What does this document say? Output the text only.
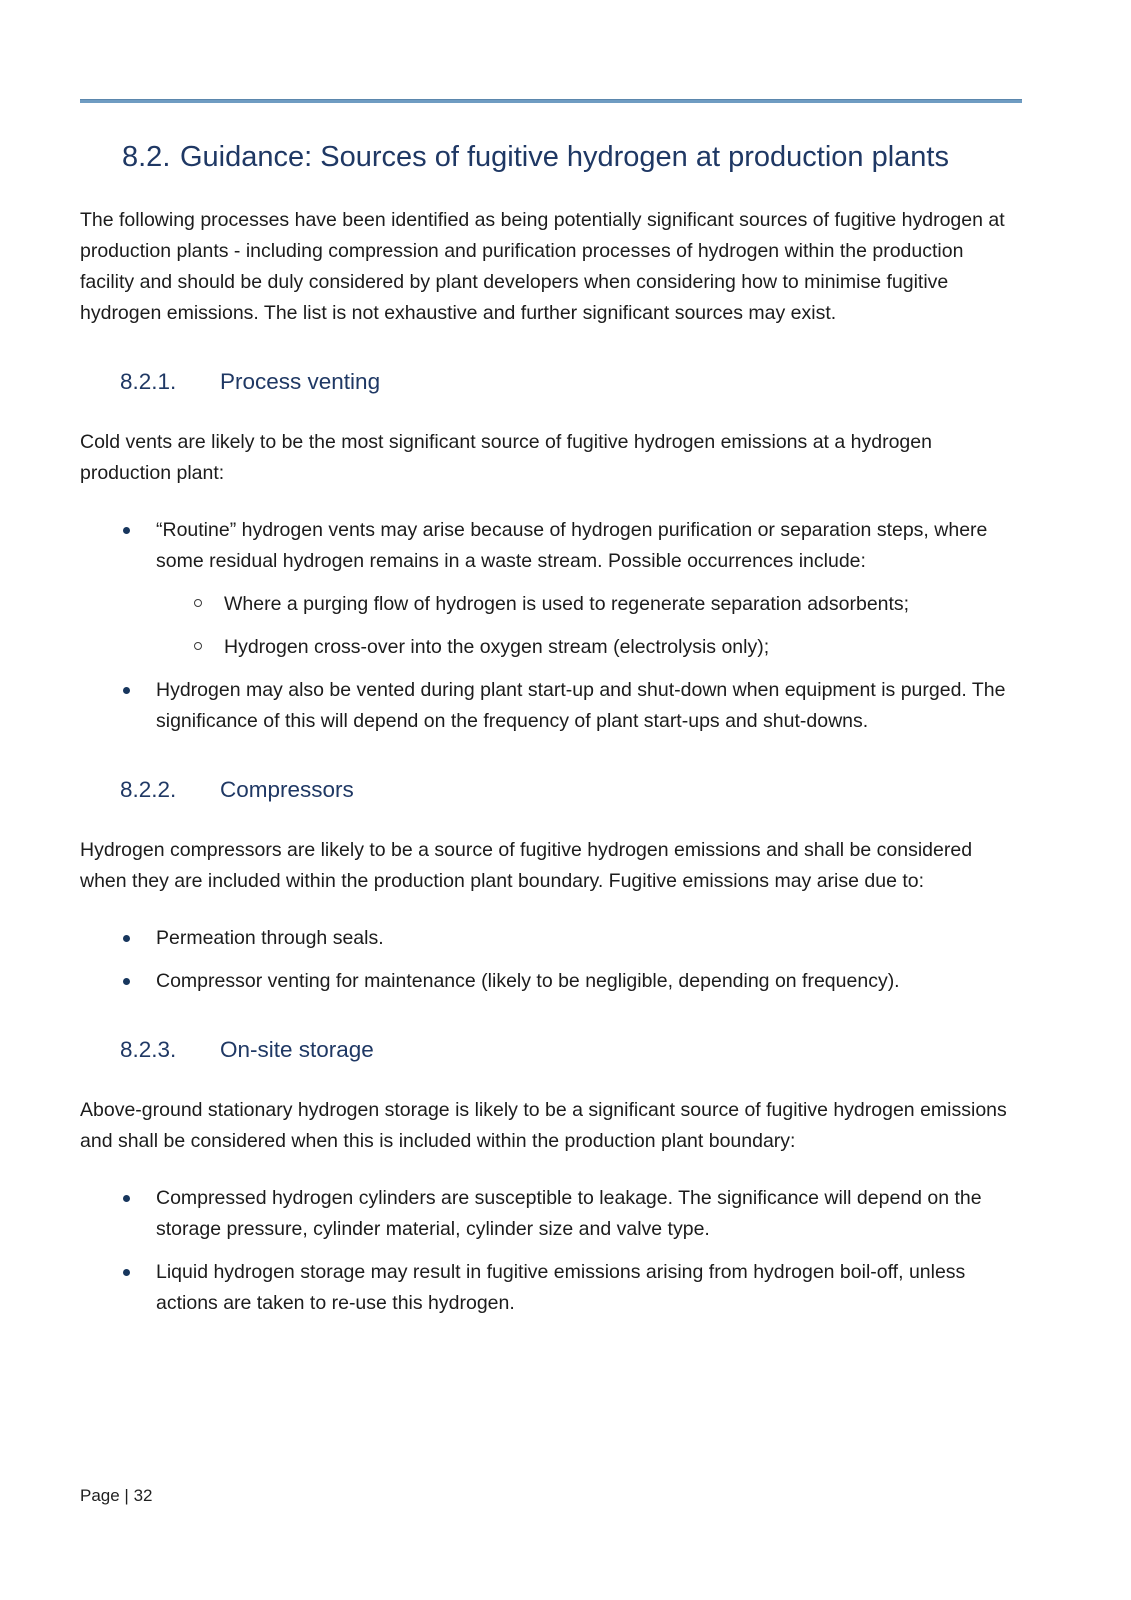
8.2. Guidance: Sources of fugitive hydrogen at production plants

The following processes have been identified as being potentially significant sources of fugitive hydrogen at production plants - including compression and purification processes of hydrogen within the production facility and should be duly considered by plant developers when considering how to minimise fugitive hydrogen emissions. The list is not exhaustive and further significant sources may exist.

8.2.1.	Process venting

Cold vents are likely to be the most significant source of fugitive hydrogen emissions at a hydrogen production plant:

“Routine” hydrogen vents may arise because of hydrogen purification or separation steps, where some residual hydrogen remains in a waste stream. Possible occurrences include:
Where a purging flow of hydrogen is used to regenerate separation adsorbents;
Hydrogen cross-over into the oxygen stream (electrolysis only);
Hydrogen may also be vented during plant start-up and shut-down when equipment is purged. The significance of this will depend on the frequency of plant start-ups and shut-downs.
8.2.2.	Compressors

Hydrogen compressors are likely to be a source of fugitive hydrogen emissions and shall be considered when they are included within the production plant boundary. Fugitive emissions may arise due to:

Permeation through seals.
Compressor venting for maintenance (likely to be negligible, depending on frequency).
8.2.3.	On-site storage

Above-ground stationary hydrogen storage is likely to be a significant source of fugitive hydrogen emissions and shall be considered when this is included within the production plant boundary:

Compressed hydrogen cylinders are susceptible to leakage. The significance will depend on the storage pressure, cylinder material, cylinder size and valve type.
Liquid hydrogen storage may result in fugitive emissions arising from hydrogen boil-off, unless actions are taken to re-use this hydrogen.
Page | 32
